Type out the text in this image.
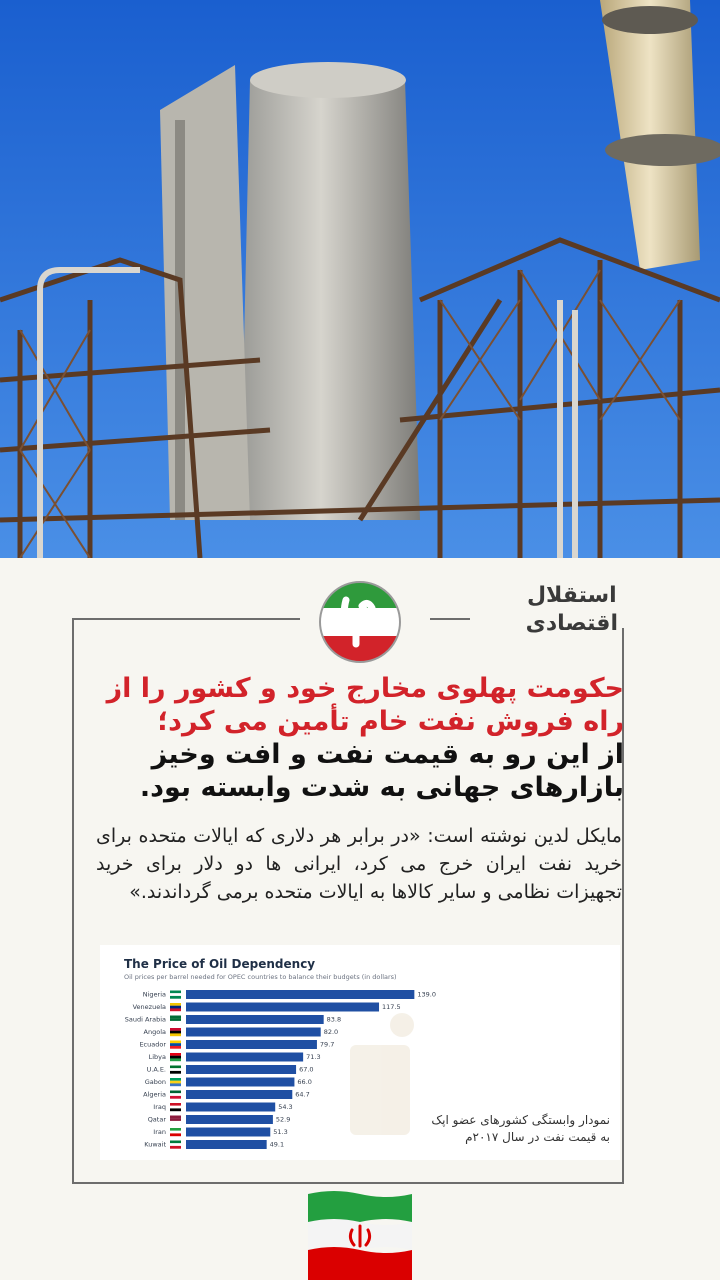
استقلال
اقتصادی
حکومت پهلوی مخارج خود و کشور را از راه فروش نفت خام تأمین می کرد؛
از این رو به قیمت نفت و افت وخیز بازارهای جهانی به شدت وابسته بود.
مایکل لدین نوشته است: «در برابر هر دلاری که ایالات متحده برای خرید نفت ایران خرج می کرد، ایرانی ها دو دلار برای خرید تجهیزات نظامی و سایر کالاها به ایالات متحده برمی گرداندند.»
The Price of Oil Dependency
Oil prices per barrel needed for OPEC countries to balance their budgets (in dollars)
Nigeria	139.0
Venezuela	117.5
Saudi Arabia	83.8
Angola	82.0
Ecuador	79.7
Libya	71.3
U.A.E.	67.0
Gabon	66.0
Algeria	64.7
Iraq	54.3
Qatar	52.9
Iran	51.3
Kuwait	49.1
نمودار وابستگی کشورهای عضو اپک به قیمت نفت در سال ۲۰۱۷م
